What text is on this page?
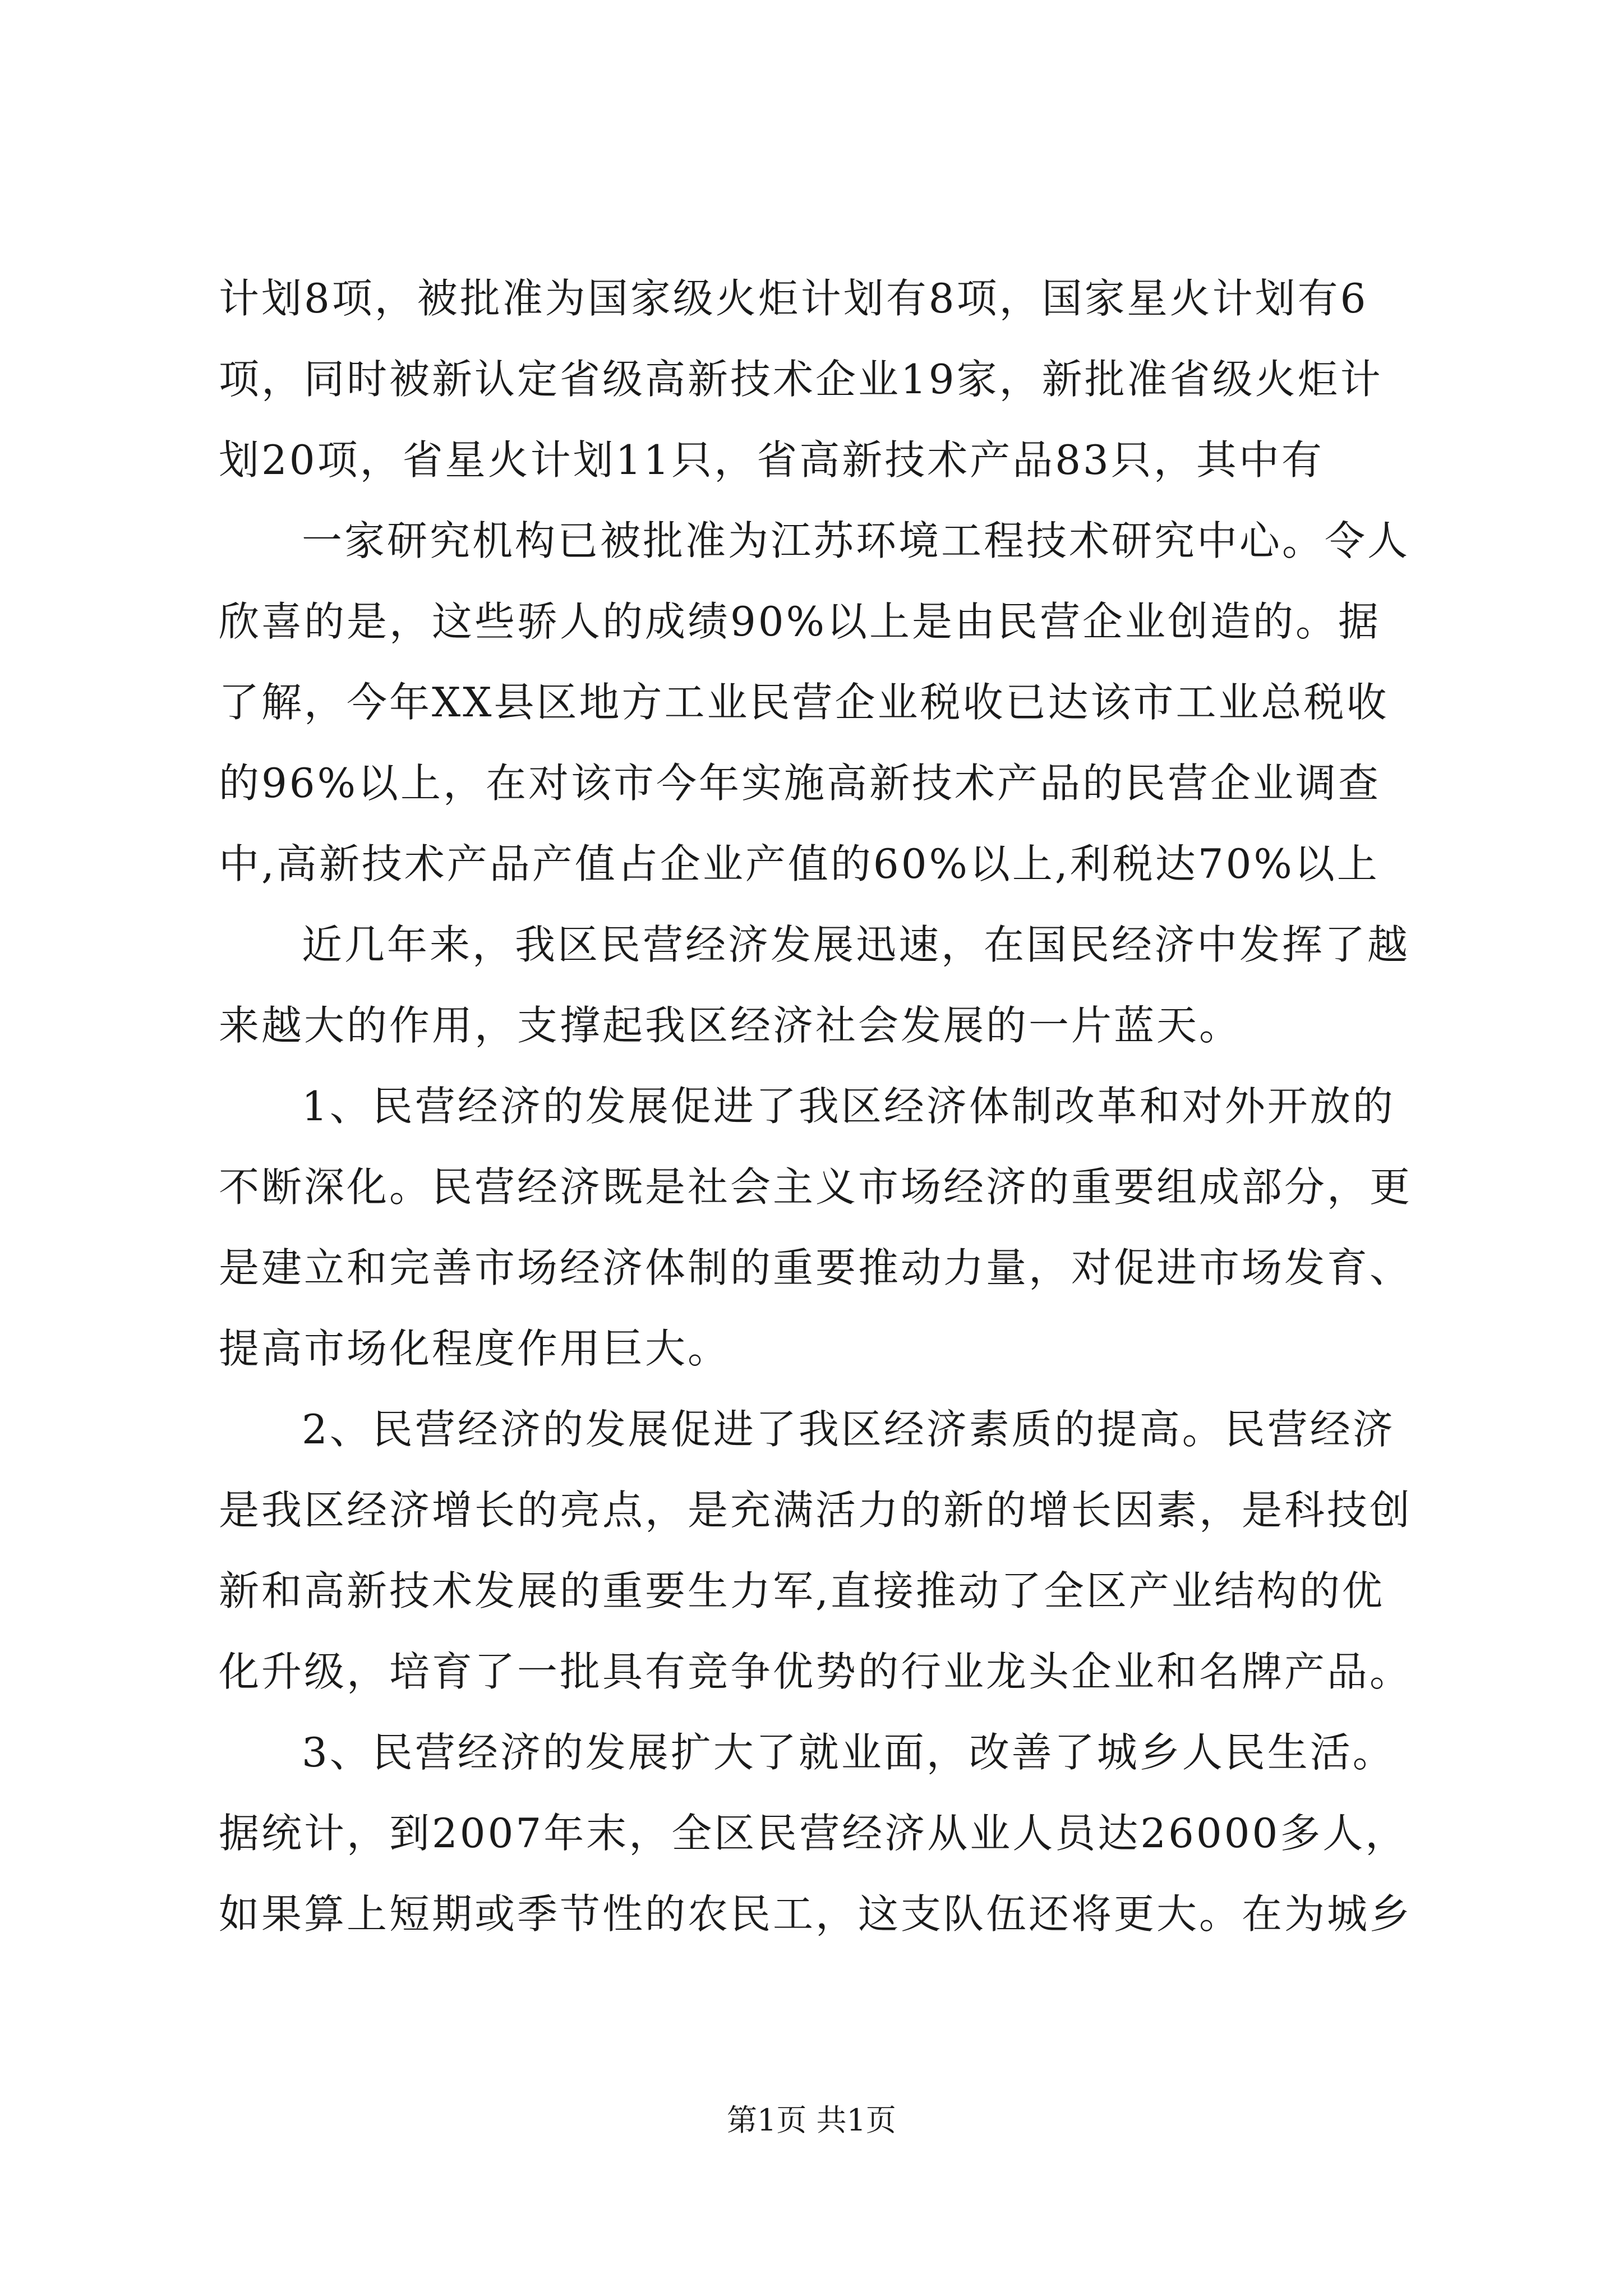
计划8项，被批准为国家级火炬计划有8项，国家星火计划有6
项，同时被新认定省级高新技术企业19家，新批准省级火炬计
划20项，省星火计划11只，省高新技术产品83只，其中有
一家研究机构已被批准为江苏环境工程技术研究中心。令人
欣喜的是，这些骄人的成绩90%以上是由民营企业创造的。据
了解，今年XX县区地方工业民营企业税收已达该市工业总税收
的96%以上，在对该市今年实施高新技术产品的民营企业调查
中,高新技术产品产值占企业产值的60%以上,利税达70%以上
近几年来，我区民营经济发展迅速，在国民经济中发挥了越
来越大的作用，支撑起我区经济社会发展的一片蓝天。
1、民营经济的发展促进了我区经济体制改革和对外开放的
不断深化。民营经济既是社会主义市场经济的重要组成部分，更
是建立和完善市场经济体制的重要推动力量，对促进市场发育、
提高市场化程度作用巨大。
2、民营经济的发展促进了我区经济素质的提高。民营经济
是我区经济增长的亮点，是充满活力的新的增长因素，是科技创
新和高新技术发展的重要生力军,直接推动了全区产业结构的优
化升级，培育了一批具有竞争优势的行业龙头企业和名牌产品。
3、民营经济的发展扩大了就业面，改善了城乡人民生活。
据统计，到2007年末，全区民营经济从业人员达26000多人，
如果算上短期或季节性的农民工，这支队伍还将更大。在为城乡
第1页 共1页
